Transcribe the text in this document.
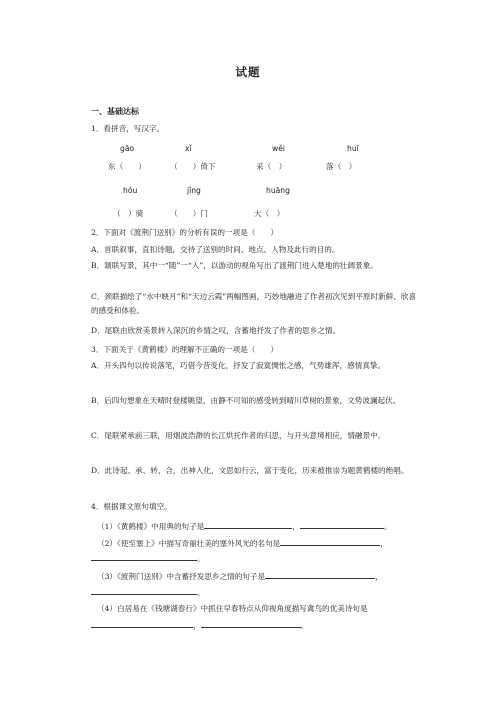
试题
一、基础达标
1．看拼音，写汉字。
gāo	xǐ	wěi	huī
东（　　）	（　　）倚下	采（　）	落（　）
hóu	jǐng	huāng
（　）骑	（　　）门	大（　）
2．下面对《渡荆门送别》的分析有误的一项是（　　）
A．首联叙事，直扣诗题，交待了送别的时间、地点、人物及此行的目的。
B．颔联写景，其中一“随”一“入”，以游动的视角写出了渡荆门进入楚地的壮阔景象。
C．颈联描绘了“水中映月”和“天边云霞”两幅图画，巧妙地融进了作者初次见到平原时新鲜、欣喜的感受和体验。
D．尾联由欣赏美景转入深沉的乡情之叹，含蓄地抒发了作者的思乡之情。
3．下面关于《黄鹤楼》的理解不正确的一项是（　　）
A．开头四句以传说落笔，巧借今昔变化，抒发了寂寞惆怅之感，气势雄浑，感情真挚。
B．后四句想象在天晴时登楼眺望，由静不可知的感受转到晴川草树的景象，文势波澜起伏。
C．尾联紧承前三联，用烟波浩渺的长江烘托作者的归思，与开头意境相应，情融景中。
D．此诗起、承、转、合，出神入化，文思如行云，富于变化，历来被推崇为题黄鹤楼的绝唱。
4．根据课文原句填空。
（1）《黄鹤楼》中用典的句子是	，	。
（2）《使至塞上》中描写奇丽壮美的塞外风光的名句是	，
。
（3）《渡荆门送别》中含蓄抒发思乡之情的句子是	，
。
（4）白居易在《钱塘湖春行》中抓住早春特点从仰视角度描写禽鸟的优美诗句是
，	。
